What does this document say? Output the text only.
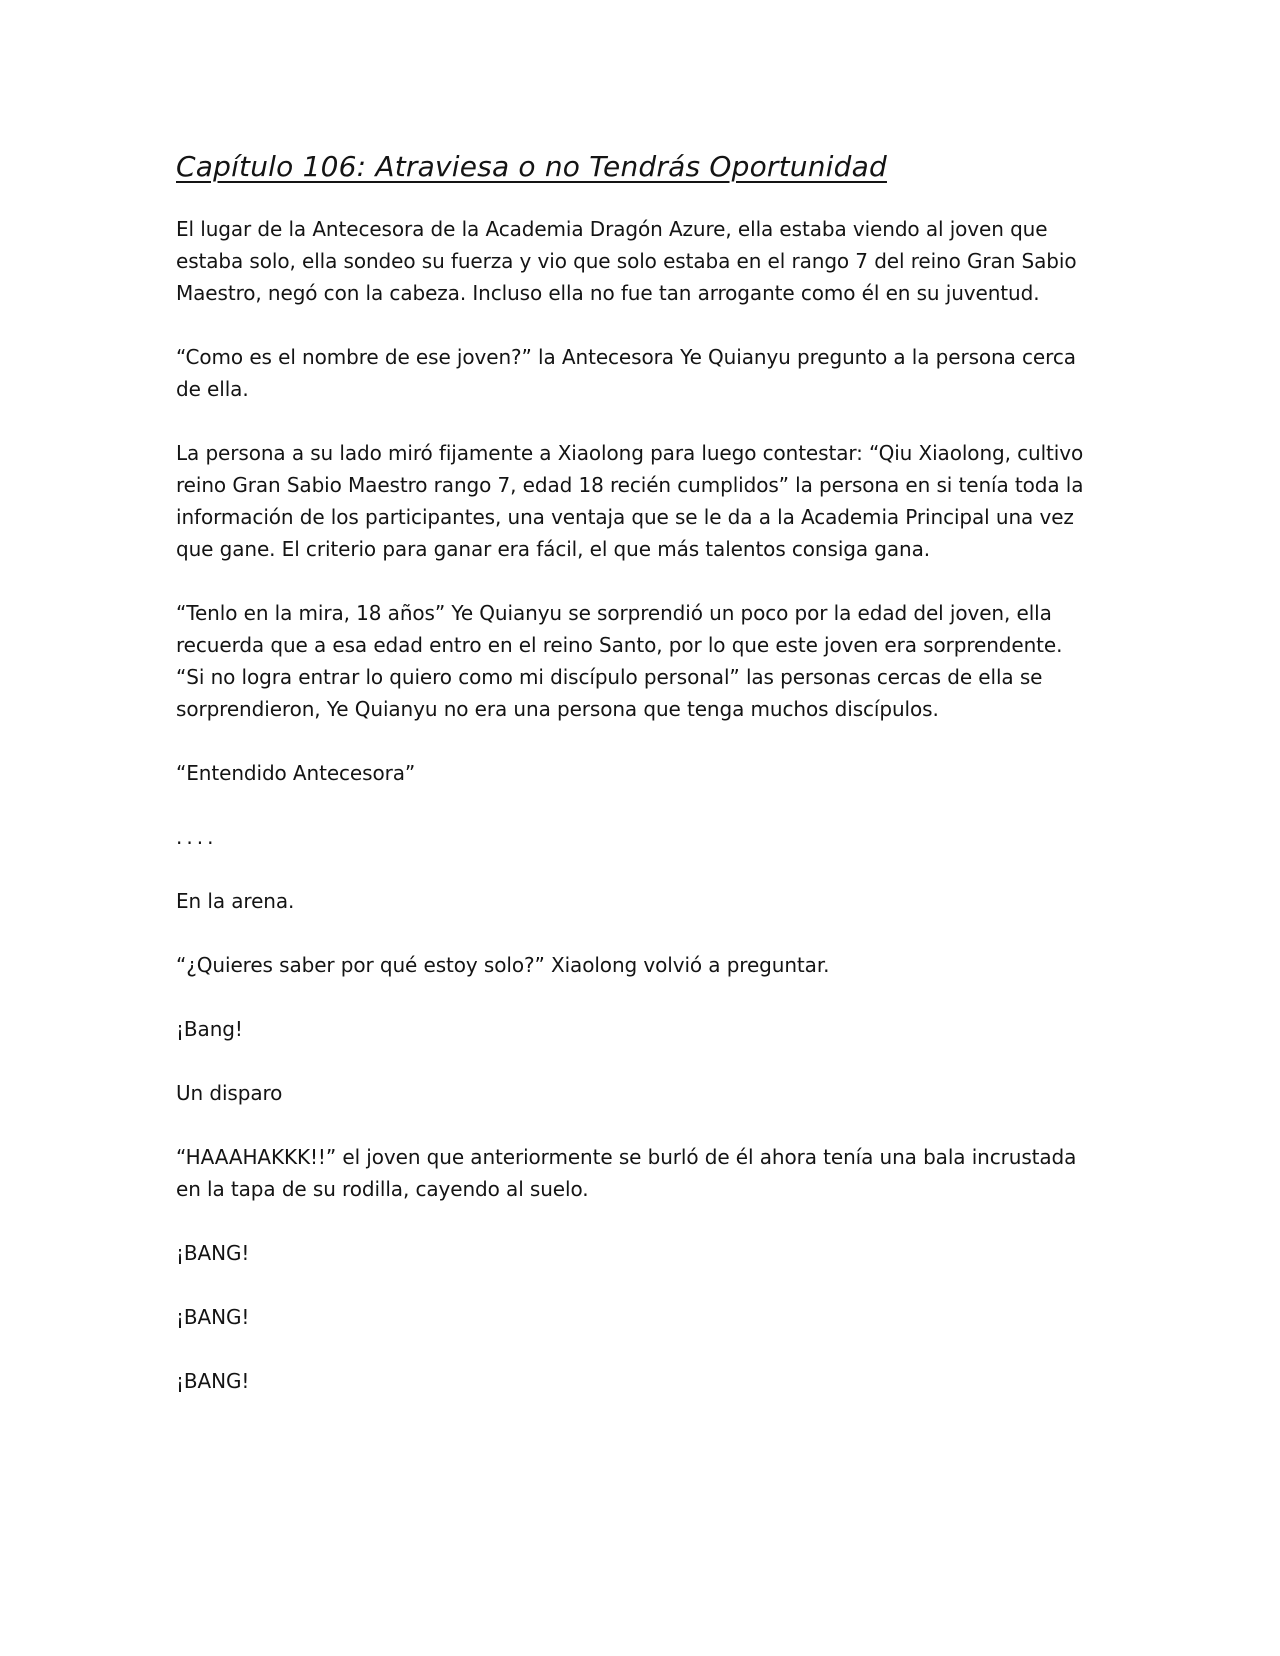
Capítulo 106: Atraviesa o no Tendrás Oportunidad

El lugar de la Antecesora de la Academia Dragón Azure, ella estaba viendo al joven que estaba solo, ella sondeo su fuerza y vio que solo estaba en el rango 7 del reino Gran Sabio Maestro, negó con la cabeza. Incluso ella no fue tan arrogante como él en su juventud.

“Como es el nombre de ese joven?” la Antecesora Ye Quianyu pregunto a la persona cerca de ella.

La persona a su lado miró fijamente a Xiaolong para luego contestar: “Qiu Xiaolong, cultivo reino Gran Sabio Maestro rango 7, edad 18 recién cumplidos” la persona en si tenía toda la información de los participantes, una ventaja que se le da a la Academia Principal una vez que gane. El criterio para ganar era fácil, el que más talentos consiga gana.

“Tenlo en la mira, 18 años” Ye Quianyu se sorprendió un poco por la edad del joven, ella recuerda que a esa edad entro en el reino Santo, por lo que este joven era sorprendente.

“Si no logra entrar lo quiero como mi discípulo personal” las personas cercas de ella se sorprendieron, Ye Quianyu no era una persona que tenga muchos discípulos.

“Entendido Antecesora”

....

En la arena.

“¿Quieres saber por qué estoy solo?” Xiaolong volvió a preguntar.

¡Bang!

Un disparo

“HAAAHAKKK!!” el joven que anteriormente se burló de él ahora tenía una bala incrustada en la tapa de su rodilla, cayendo al suelo.

¡BANG!

¡BANG!

¡BANG!
